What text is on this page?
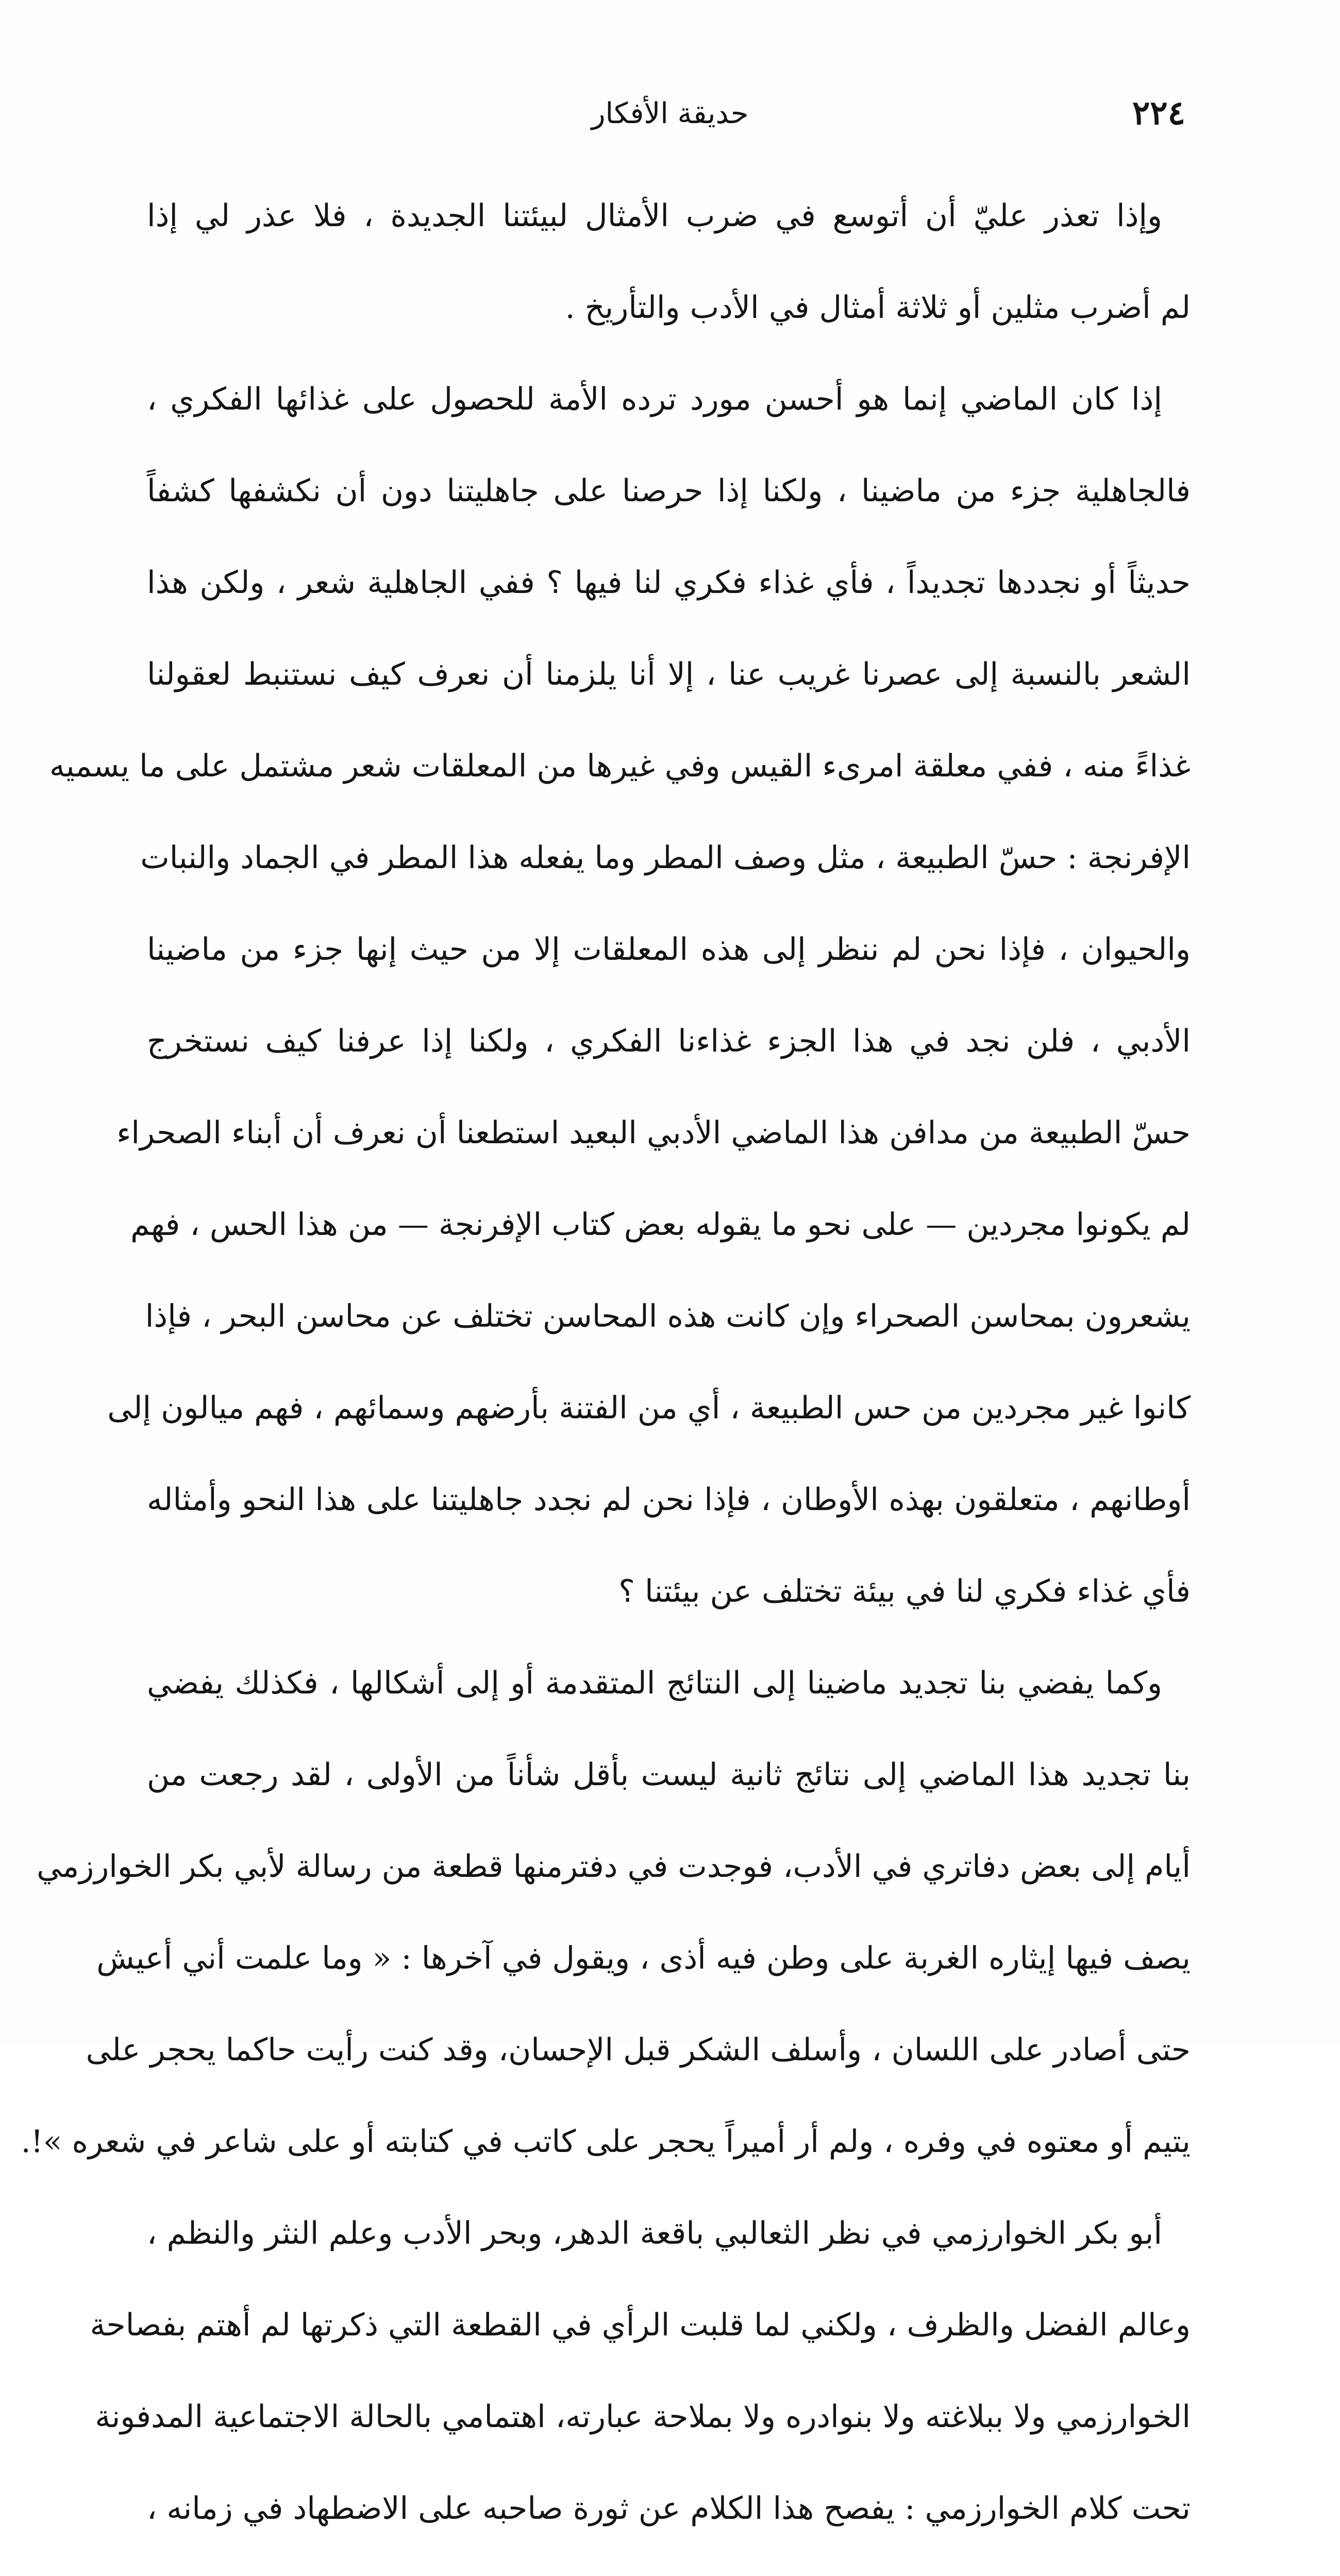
٢٢٤
حديقة الأفكار

وإذا تعذر عليّ أن أتوسع في ضرب الأمثال لبيئتنا الجديدة ، فلا عذر لي إذا
لم أضرب مثلين أو ثلاثة أمثال في الأدب والتأريخ .

إذا كان الماضي إنما هو أحسن مورد ترده الأمة للحصول على غذائها الفكري ،
فالجاهلية جزء من ماضينا ، ولكنا إذا حرصنا على جاهليتنا دون أن نكشفها كشفاً
حديثاً أو نجددها تجديداً ، فأي غذاء فكري لنا فيها ؟ ففي الجاهلية شعر ، ولكن هذا
الشعر بالنسبة إلى عصرنا غريب عنا ، إلا أنا يلزمنا أن نعرف كيف نستنبط لعقولنا
غذاءً منه ، ففي معلقة امرىء القيس وفي غيرها من المعلقات شعر مشتمل على ما يسميه
الإفرنجة : حسّ الطبيعة ، مثل وصف المطر وما يفعله هذا المطر في الجماد والنبات
والحيوان ، فإذا نحن لم ننظر إلى هذه المعلقات إلا من حيث إنها جزء من ماضينا
الأدبي ، فلن نجد في هذا الجزء غذاءنا الفكري ، ولكنا إذا عرفنا كيف نستخرج
حسّ الطبيعة من مدافن هذا الماضي الأدبي البعيد استطعنا أن نعرف أن أبناء الصحراء
لم يكونوا مجردين — على نحو ما يقوله بعض كتاب الإفرنجة — من هذا الحس ، فهم
يشعرون بمحاسن الصحراء وإن كانت هذه المحاسن تختلف عن محاسن البحر ، فإذا
كانوا غير مجردين من حس الطبيعة ، أي من الفتنة بأرضهم وسمائهم ، فهم ميالون إلى
أوطانهم ، متعلقون بهذه الأوطان ، فإذا نحن لم نجدد جاهليتنا على هذا النحو وأمثاله
فأي غذاء فكري لنا في بيئة تختلف عن بيئتنا ؟

وكما يفضي بنا تجديد ماضينا إلى النتائج المتقدمة أو إلى أشكالها ، فكذلك يفضي
بنا تجديد هذا الماضي إلى نتائج ثانية ليست بأقل شأناً من الأولى ، لقد رجعت من
أيام إلى بعض دفاتري في الأدب، فوجدت في دفترمنها قطعة من رسالة لأبي بكر الخوارزمي
يصف فيها إيثاره الغربة على وطن فيه أذى ، ويقول في آخرها : « وما علمت أني أعيش
حتى أصادر على اللسان ، وأسلف الشكر قبل الإحسان، وقد كنت رأيت حاكما يحجر على
يتيم أو معتوه في وفره ، ولم أر أميراً يحجر على كاتب في كتابته أو على شاعر في شعره »!.

أبو بكر الخوارزمي في نظر الثعالبي باقعة الدهر، وبحر الأدب وعلم النثر والنظم ،
وعالم الفضل والظرف ، ولكني لما قلبت الرأي في القطعة التي ذكرتها لم أهتم بفصاحة
الخوارزمي ولا ببلاغته ولا بنوادره ولا بملاحة عبارته، اهتمامي بالحالة الاجتماعية المدفونة
تحت كلام الخوارزمي : يفصح هذا الكلام عن ثورة صاحبه على الاضطهاد في زمانه ،
